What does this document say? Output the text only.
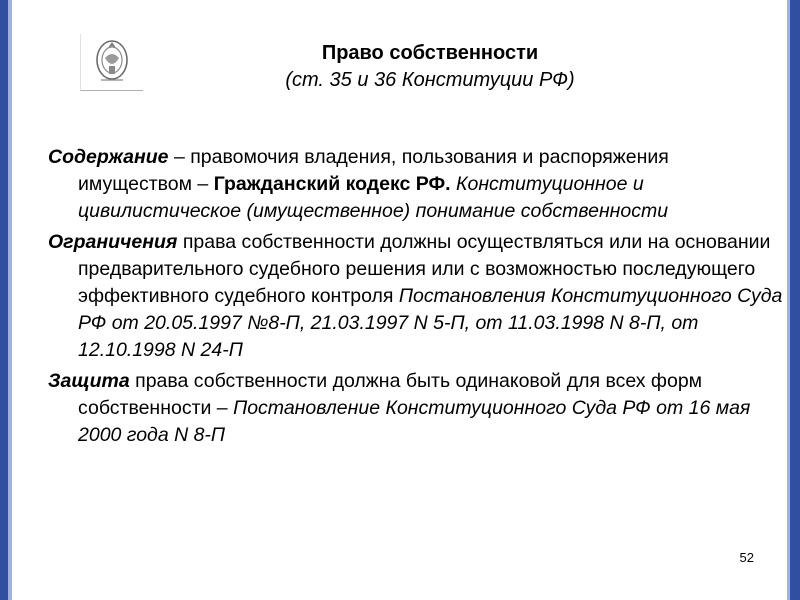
Право собственности
(ст. 35 и 36 Конституции РФ)

Содержание – правомочия владения, пользования и распоряжения имуществом – Гражданский кодекс РФ. Конституционное и цивилистическое (имущественное) понимание собственности

Ограничения права собственности должны осуществляться или на основании предварительного судебного решения или с возможностью последующего эффективного судебного контроля Постановления Конституционного Суда РФ от 20.05.1997 №8-П, 21.03.1997 N 5-П, от 11.03.1998 N 8-П, от 12.10.1998 N 24-П

Защита права собственности должна быть одинаковой для всех форм собственности – Постановление Конституционного Суда РФ от 16 мая 2000 года N 8-П

52
